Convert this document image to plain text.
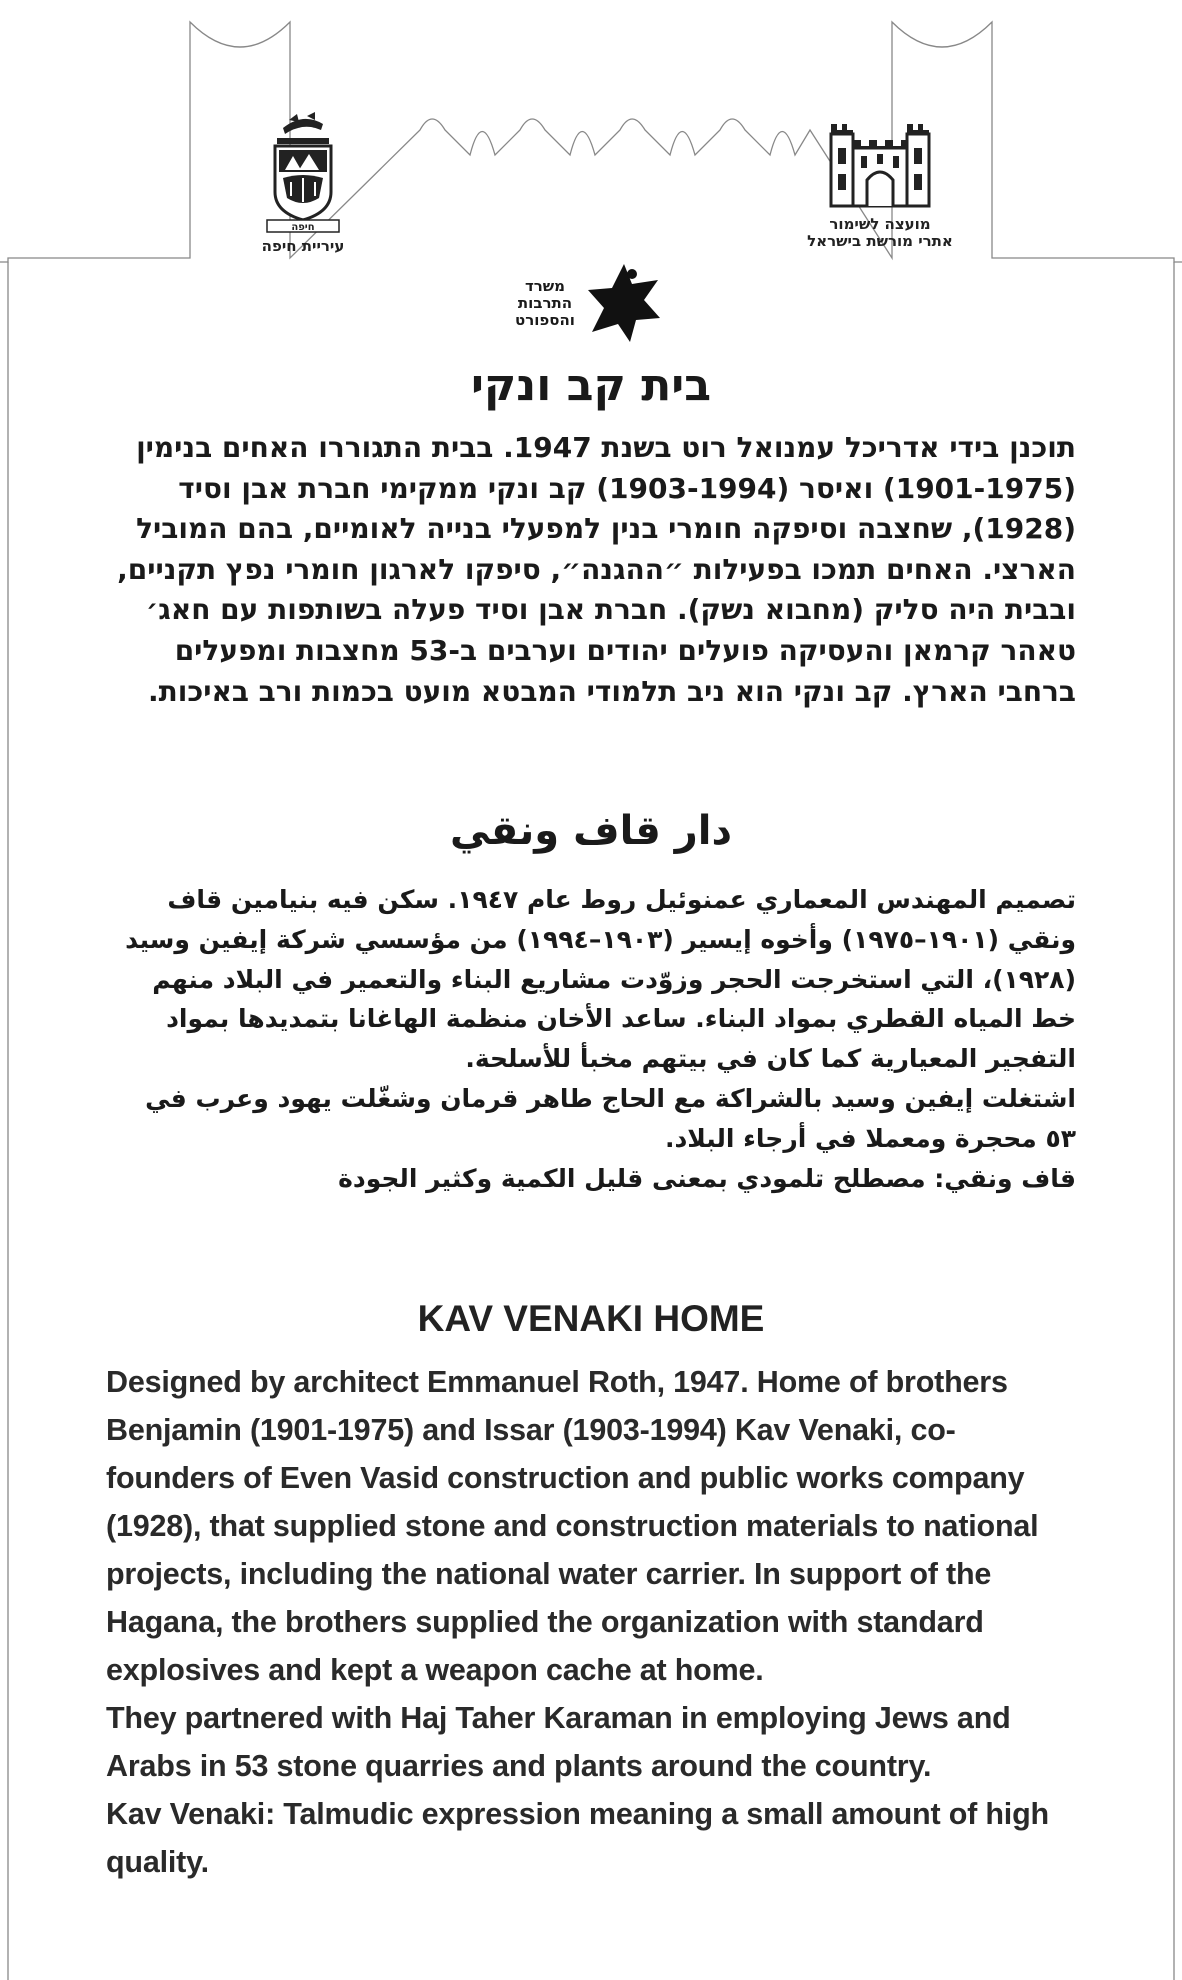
חיפה
עיריית חיפה
מועצה לשימור
אתרי מורשת בישראל
משרד
התרבות
והספורט
בית קב ונקי

תוכנן בידי אדריכל עמנואל רוט בשנת 1947. בבית התגוררו האחים בנימין (1901-1975) ואיסר (1903-1994) קב ונקי ממקימי חברת אבן וסיד (1928), שחצבה וסיפקה חומרי בנין למפעלי בנייה לאומיים, בהם המוביל הארצי. האחים תמכו בפעילות ״ההגנה״, סיפקו לארגון חומרי נפץ תקניים, ובבית היה סליק (מחבוא נשק). חברת אבן וסיד פעלה בשותפות עם חאג׳ טאהר קרמאן והעסיקה פועלים יהודים וערבים ב-53 מחצבות ומפעלים ברחבי הארץ. קב ונקי הוא ניב תלמודי המבטא מועט בכמות ורב באיכות.

دار قاف ونقي
تصميم المهندس المعماري عمنوئيل روط عام ١٩٤٧. سكن فيه بنيامين قاف ونقي (١٩٠١–١٩٧٥) وأخوه إيسير (١٩٠٣–١٩٩٤) من مؤسسي شركة إيفين وسيد (١٩٢٨)، التي استخرجت الحجر وزوّدت مشاريع البناء والتعمير في البلاد منهم خط المياه القطري بمواد البناء. ساعد الأخان منظمة الهاغانا بتمديدها بمواد التفجير المعيارية كما كان في بيتهم مخبأ للأسلحة.
اشتغلت إيفين وسيد بالشراكة مع الحاج طاهر قرمان وشغّلت يهود وعرب في ٥٣ محجرة ومعملا في أرجاء البلاد.
قاف ونقي: مصطلح تلمودي بمعنى قليل الكمية وكثير الجودة
KAV VENAKI HOME

Designed by architect Emmanuel Roth, 1947. Home of brothers Benjamin (1901-1975) and Issar (1903-1994) Kav Venaki, co-founders of Even Vasid construction and public works company (1928), that supplied stone and construction materials to national projects, including the national water carrier. In support of the Hagana, the brothers supplied the organization with standard explosives and kept a weapon cache at home.

They partnered with Haj Taher Karaman in employing Jews and Arabs in 53 stone quarries and plants around the country.

Kav Venaki: Talmudic expression meaning a small amount of high quality.
